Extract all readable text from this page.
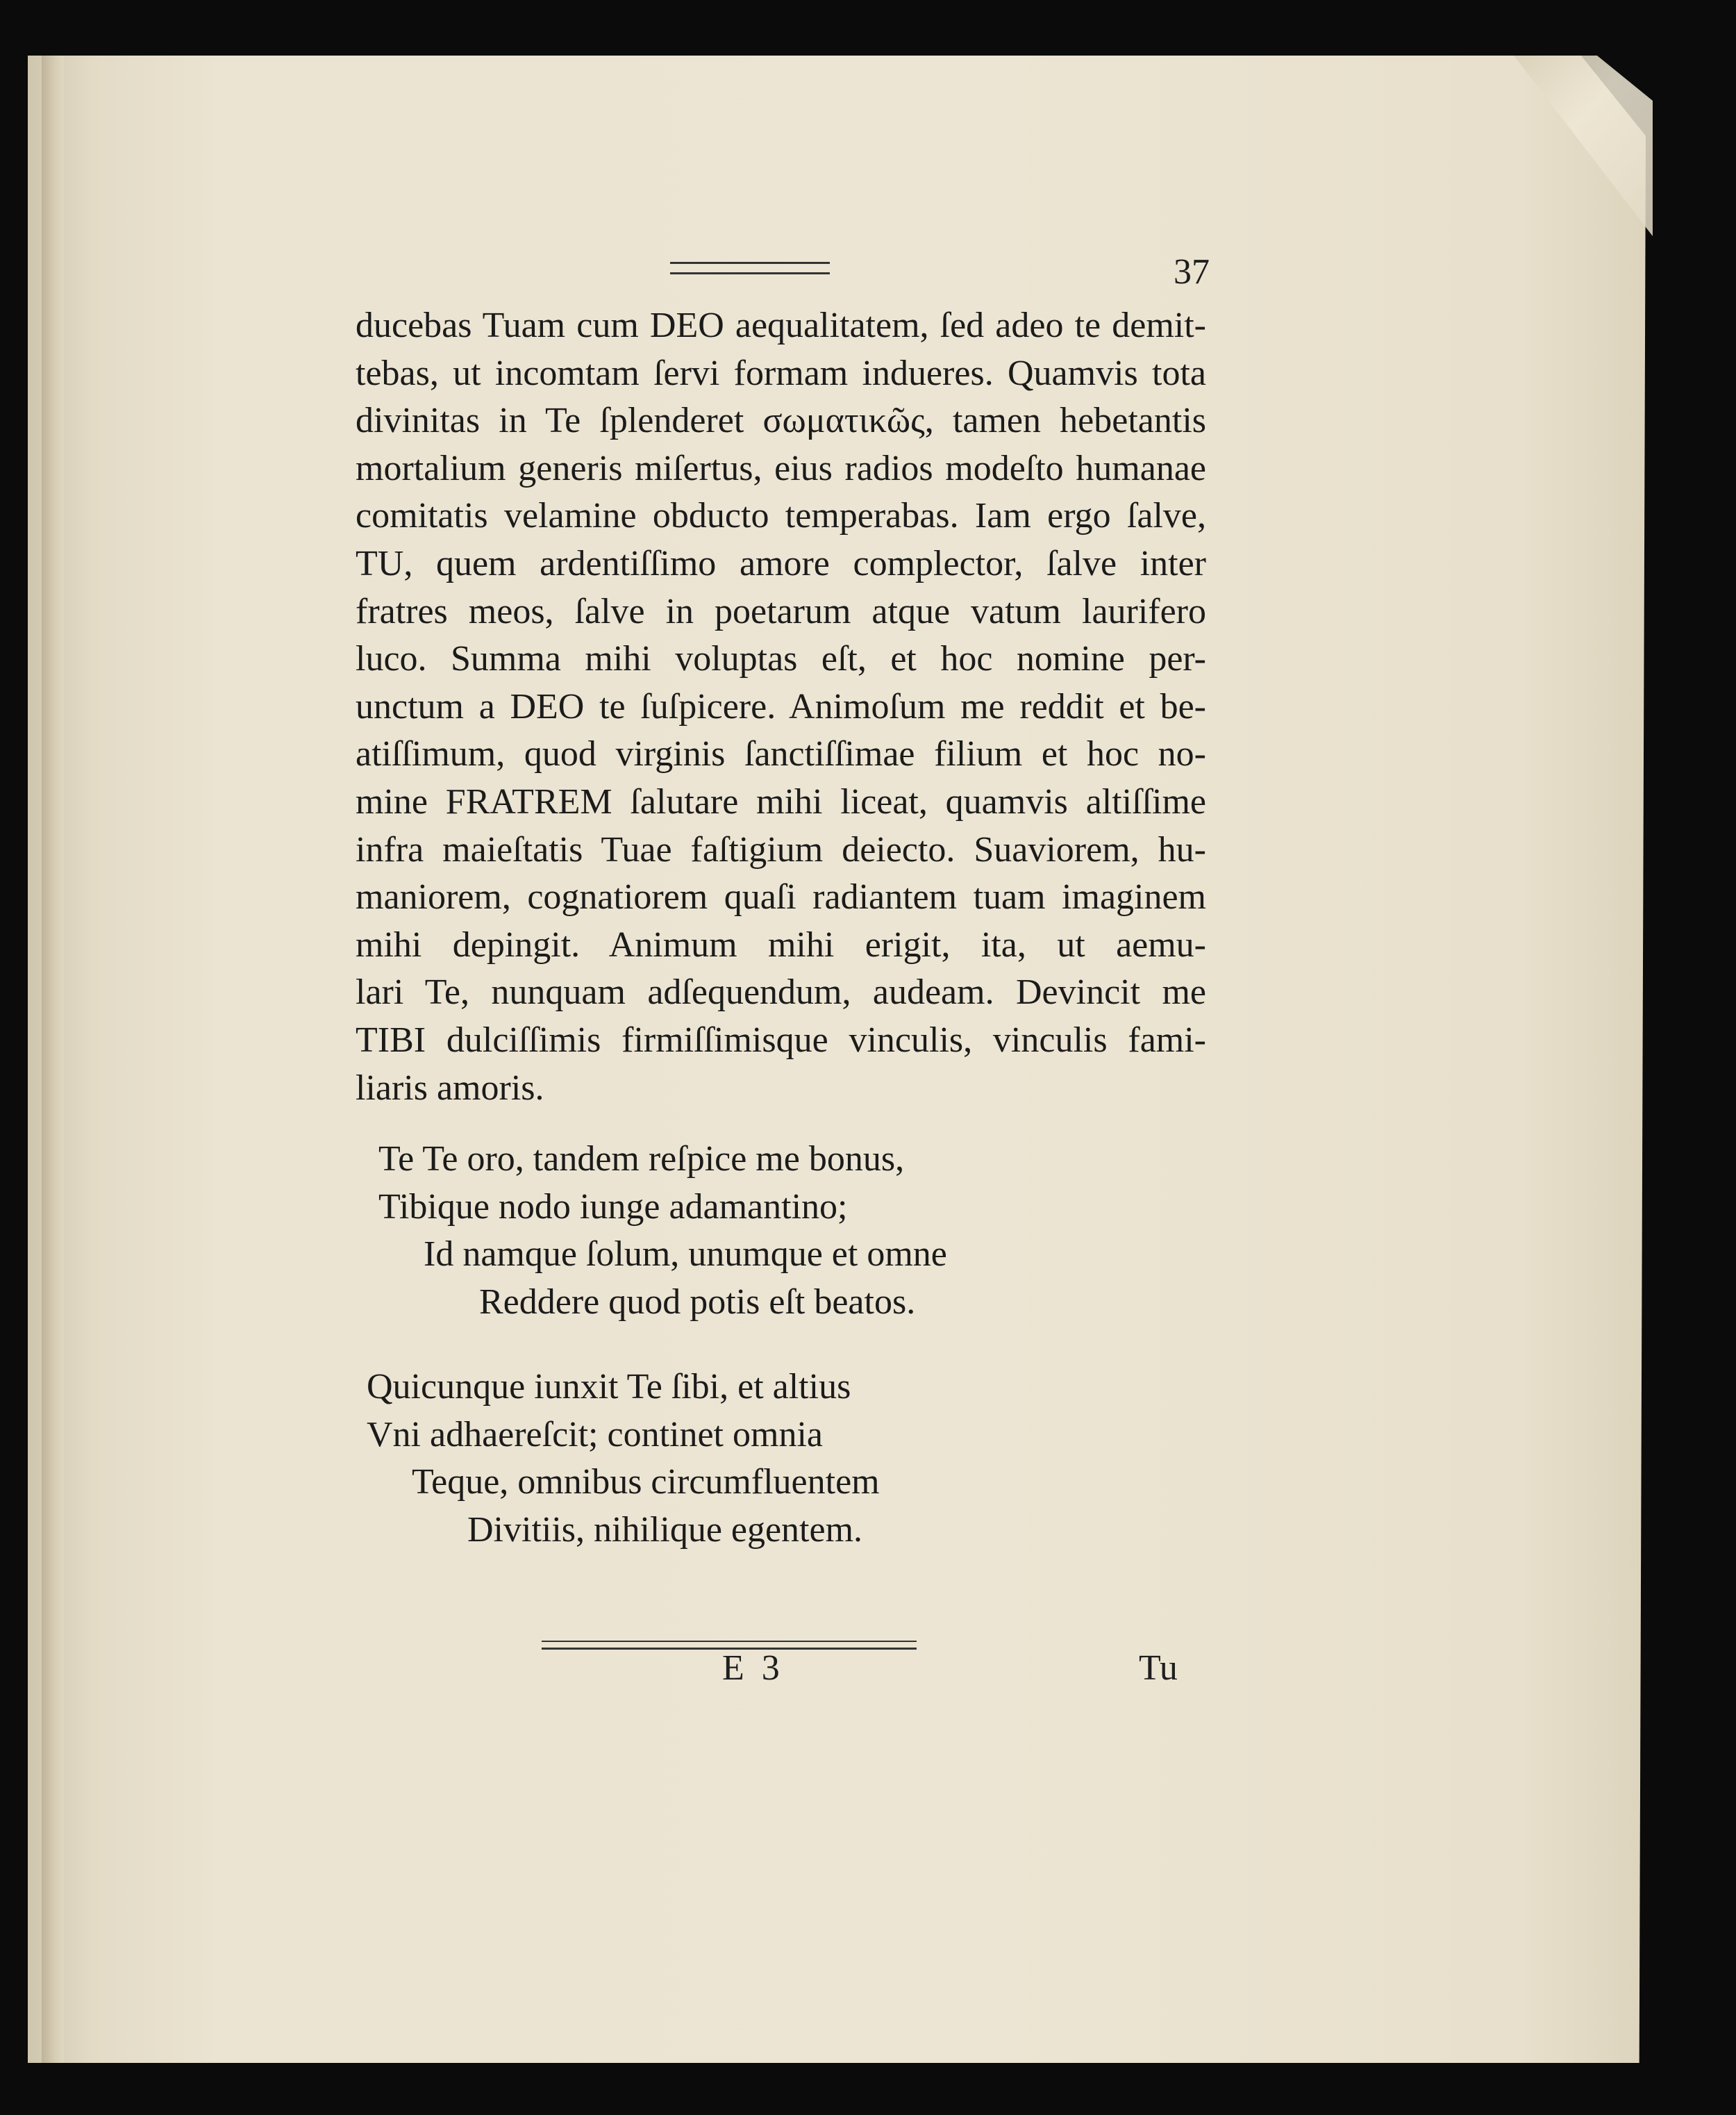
37
ducebas Tuam cum DEO aequalitatem, ſed adeo te demit-
tebas, ut incomtam ſervi formam indueres. Quamvis tota
divinitas in Te ſplenderet σωματικῶς, tamen hebetantis
mortalium generis miſertus, eius radios modeſto humanae
comitatis velamine obducto temperabas. Iam ergo ſalve,
TU, quem ardentiſſimo amore complector, ſalve inter
fratres meos, ſalve in poetarum atque vatum laurifero
luco. Summa mihi voluptas eſt, et hoc nomine per-
unctum a DEO te ſuſpicere. Animoſum me reddit et be-
atiſſimum, quod virginis ſanctiſſimae filium et hoc no-
mine FRATREM ſalutare mihi liceat, quamvis altiſſime
infra maieſtatis Tuae faſtigium deiecto. Suaviorem, hu-
maniorem, cognatiorem quaſi radiantem tuam imaginem
mihi depingit. Animum mihi erigit, ita, ut aemu-
lari Te, nunquam adſequendum, audeam. Devincit me
TIBI dulciſſimis firmiſſimisque vinculis, vinculis fami-
liaris amoris.
Te Te oro, tandem reſpice me bonus,
Tibique nodo iunge adamantino;
Id namque ſolum, unumque et omne
Reddere quod potis eſt beatos.
Quicunque iunxit Te ſibi, et altius
Vni adhaereſcit; continet omnia
Teque, omnibus circumfluentem
Divitiis, nihilique egentem.
E 3	Tu
